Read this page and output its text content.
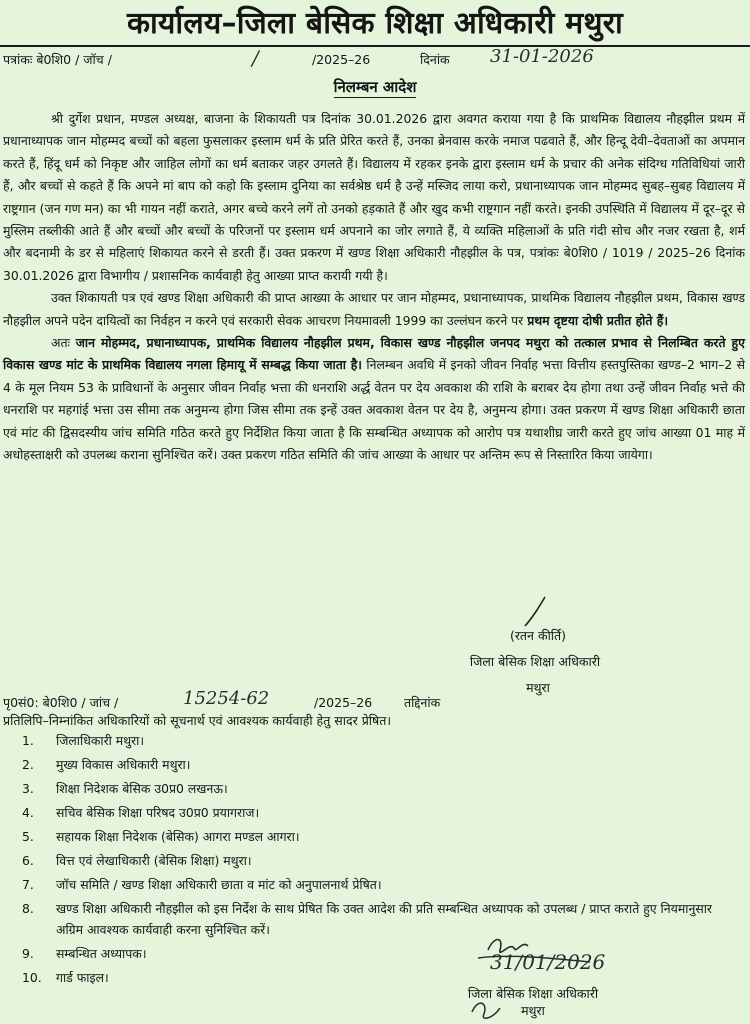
कार्यालय–जिला बेसिक शिक्षा अधिकारी मथुरा
पत्रांकः बे0शि0 / जॉच /	/	/2025–26	दिनांक 31-01-2026
निलम्बन आदेश

श्री दुर्गेश प्रधान, मण्डल अध्यक्ष, बाजना के शिकायती पत्र दिनांक 30.01.2026 द्वारा अवगत कराया गया है कि प्राथमिक विद्यालय नौहझील प्रथम में प्रधानाध्यापक जान मोहम्मद बच्चों को बहला फुसलाकर इस्लाम धर्म के प्रति प्रेरित करते हैं, उनका ब्रेनवास करके नमाज पढवाते हैं, और हिन्दू देवी–देवताओं का अपमान करते हैं, हिंदू धर्म को निकृष्ट और जाहिल लोगों का धर्म बताकर जहर उगलते हैं। विद्यालय में रहकर इनके द्वारा इस्लाम धर्म के प्रचार की अनेक संदिग्ध गतिविधियां जारी हैं, और बच्चों से कहते हैं कि अपने मां बाप को कहो कि इस्लाम दुनिया का सर्वश्रेष्ठ धर्म है उन्हें मस्जिद लाया करो, प्रधानाध्यापक जान मोहम्मद सुबह–सुबह विद्यालय में राष्ट्रगान (जन गण मन) का भी गायन नहीं कराते, अगर बच्चे करने लगें तो उनको हड़काते हैं और खुद कभी राष्ट्रगान नहीं करते। इनकी उपस्थिति में विद्यालय में दूर–दूर से मुस्लिम तब्लीकी आते हैं और बच्चों और बच्चों के परिजनों पर इस्लाम धर्म अपनाने का जोर लगाते हैं, ये व्यक्ति महिलाओं के प्रति गंदी सोच और नजर रखता है, शर्म और बदनामी के डर से महिलाएं शिकायत करने से डरती हैं। उक्त प्रकरण में खण्ड शिक्षा अधिकारी नौहझील के पत्र, पत्रांकः बे0शि0 / 1019 / 2025–26 दिनांक 30.01.2026 द्वारा विभागीय / प्रशासनिक कार्यवाही हेतु आख्या प्राप्त करायी गयी है।

उक्त शिकायती पत्र एवं खण्ड शिक्षा अधिकारी की प्राप्त आख्या के आधार पर जान मोहम्मद, प्रधानाध्यापक, प्राथमिक विद्यालय नौहझील प्रथम, विकास खण्ड नौहझील अपने पदेन दायित्वों का निर्वहन न करने एवं सरकारी सेवक आचरण नियमावली 1999 का उल्लंघन करने पर प्रथम दृष्टया दोषी प्रतीत होते हैं।

अतः जान मोहम्मद, प्रधानाध्यापक, प्राथमिक विद्यालय नौहझील प्रथम, विकास खण्ड नौहझील जनपद मथुरा को तत्काल प्रभाव से निलम्बित करते हुए विकास खण्ड मांट के प्राथमिक विद्यालय नगला हिमायू में सम्बद्ध किया जाता है। निलम्बन अवधि में इनको जीवन निर्वाह भत्ता वित्तीय हस्तपुस्तिका खण्ड–2 भाग–2 से 4 के मूल नियम 53 के प्राविधानों के अनुसार जीवन निर्वाह भत्ता की धनराशि अर्द्ध वेतन पर देय अवकाश की राशि के बराबर देय होगा तथा उन्हें जीवन निर्वाह भत्ते की धनराशि पर महगांई भत्ता उस सीमा तक अनुमन्य होगा जिस सीमा तक इन्हें उक्त अवकाश वेतन पर देय है, अनुमन्य होगा। उक्त प्रकरण में खण्ड शिक्षा अधिकारी छाता एवं मांट की द्विसदस्यीय जांच समिति गठित करते हुए निर्देशित किया जाता है कि सम्बन्धित अध्यापक को आरोप पत्र यथाशीघ्र जारी करते हुए जांच आख्या 01 माह में अधोहस्ताक्षरी को उपलब्ध कराना सुनिश्चित करें। उक्त प्रकरण गठित समिति की जांच आख्या के आधार पर अन्तिम रूप से निस्तारित किया जायेगा।

(रतन कीर्ति)
जिला बेसिक शिक्षा अधिकारी
मथुरा
पृ0सं0: बे0शि0 / जांच /	15254-62	/2025–26	तद्दिनांक
प्रतिलिपि–निम्नांकित अधिकारियों को सूचनार्थ एवं आवश्यक कार्यवाही हेतु सादर प्रेषित।
1.	जिलाधिकारी मथुरा।
2.	मुख्य विकास अधिकारी मथुरा।
3.	शिक्षा निदेशक बेसिक उ0प्र0 लखनऊ।
4.	सचिव बेसिक शिक्षा परिषद उ0प्र0 प्रयागराज।
5.	सहायक शिक्षा निदेशक (बेसिक) आगरा मण्डल आगरा।
6.	वित्त एवं लेखाधिकारी (बेसिक शिक्षा) मथुरा।
7.	जॉच समिति / खण्ड शिक्षा अधिकारी छाता व मांट को अनुपालनार्थ प्रेषित।
8.	खण्ड शिक्षा अधिकारी नौहझील को इस निर्देश के साथ प्रेषित कि उक्त आदेश की प्रति सम्बन्धित अध्यापक को उपलब्ध / प्राप्त कराते हुए नियमानुसार अग्रिम आवश्यक कार्यवाही करना सुनिश्चित करें।
9.	सम्बन्धित अध्यापक।
10.	गार्ड फाइल।
31/01/2026
जिला बेसिक शिक्षा अधिकारी
मथुरा
